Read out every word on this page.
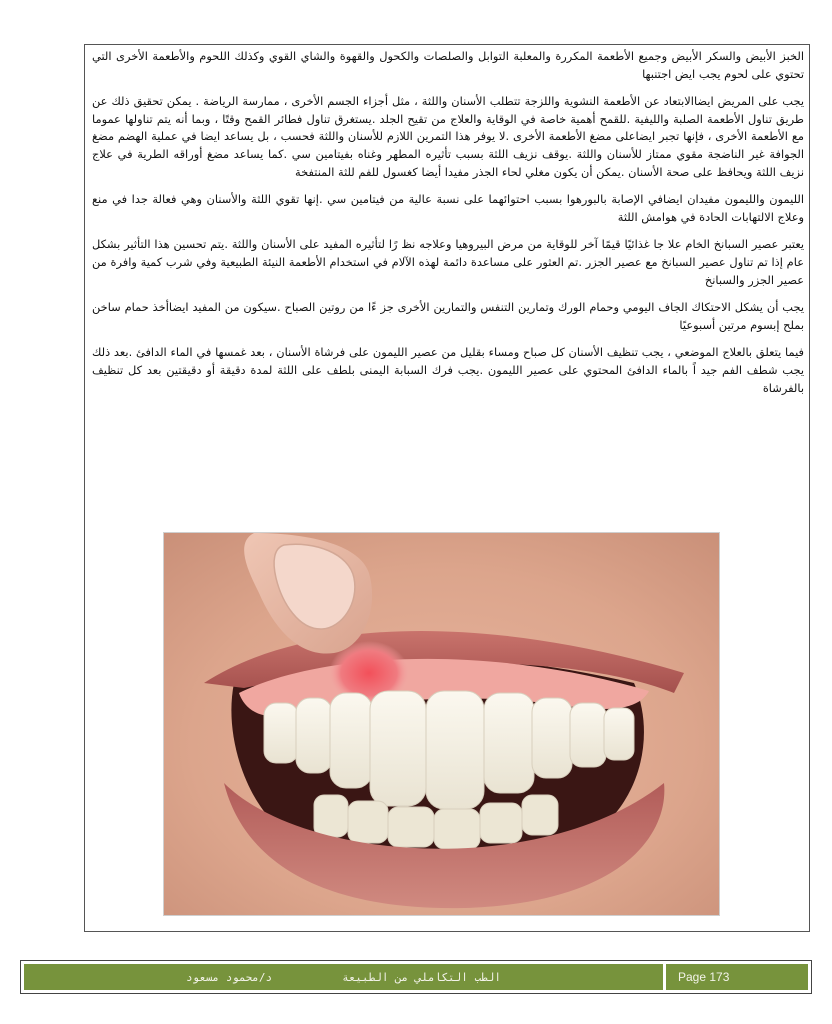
الخبز الأبيض والسكر الأبيض وجميع الأطعمة المكررة والمعلبة التوابل والصلصات والكحول والقهوة والشاي القوي وكذلك اللحوم والأطعمة الأخرى التي تحتوي على لحوم يجب ايض اجتنبها

يجب على المريض ايضاالابتعاد عن الأطعمة النشوية واللزجة تتطلب الأسنان واللثة ، مثل أجزاء الجسم الأخرى ، ممارسة الرياضة . يمكن تحقيق ذلك عن طريق تناول الأطعمة الصلبة والليفية .للقمح أهمية خاصة في الوقاية والعلاج من تقيح الجلد .يستغرق تناول فطائر القمح وقتًا ، وبما أنه يتم تناولها عموما مع الأطعمة الأخرى ، فإنها تجبر ايضاعلى مضغ الأطعمة الأخرى .لا يوفر هذا التمرين اللازم للأسنان واللثة فحسب ، بل يساعد ايضا في عملية الهضم مضغ الجوافة غير الناضجة مقوي ممتاز للأسنان واللثة .يوقف نزيف اللثة بسبب تأثيره المطهر وغناه بفيتامين سي .كما يساعد مضغ أوراقه الطرية في علاج نزيف اللثة ويحافظ على صحة الأسنان .يمكن أن يكون مغلي لحاء الجذر مفيدا أيضا كغسول للفم للثة المنتفخة

الليمون والليمون مفيدان ايضافي الإصابة بالبورهوا بسبب احتوائهما على نسبة عالية من فيتامين سي .إنها تقوي اللثة والأسنان وهي فعالة جدا في منع وعلاج الالتهابات الحادة في هوامش اللثة

يعتبر عصير السبانخ الخام علا جا غذائيًا قيمًا آخر للوقاية من مرض البيروهيا وعلاجه نظ رًا لتأثيره المفيد على الأسنان واللثة .يتم تحسين هذا التأثير بشكل عام إذا تم تناول عصير السبانخ مع عصير الجزر .تم العثور على مساعدة دائمة لهذه الآلام في استخدام الأطعمة النيئة الطبيعية وفي شرب كمية وافرة من عصير الجزر والسبانخ

يجب أن يشكل الاحتكاك الجاف اليومي وحمام الورك وتمارين التنفس والتمارين الأخرى جز ءًا من روتين الصباح .سيكون من المفيد ايضاأخذ حمام ساخن بملح إبسوم مرتين أسبوعيًا

فيما يتعلق بالعلاج الموضعي ، يجب تنظيف الأسنان كل صباح ومساء بقليل من عصير الليمون على فرشاة الأسنان ، بعد غمسها في الماء الدافئ .بعد ذلك يجب شطف الفم جيد اً بالماء الدافئ المحتوي على عصير الليمون .يجب فرك السبابة اليمنى بلطف على اللثة لمدة دقيقة أو دقيقتين بعد كل تنظيف بالفرشاة

الطب التكاملي من الطبيعة
د/محمود مسعود	Page 173
